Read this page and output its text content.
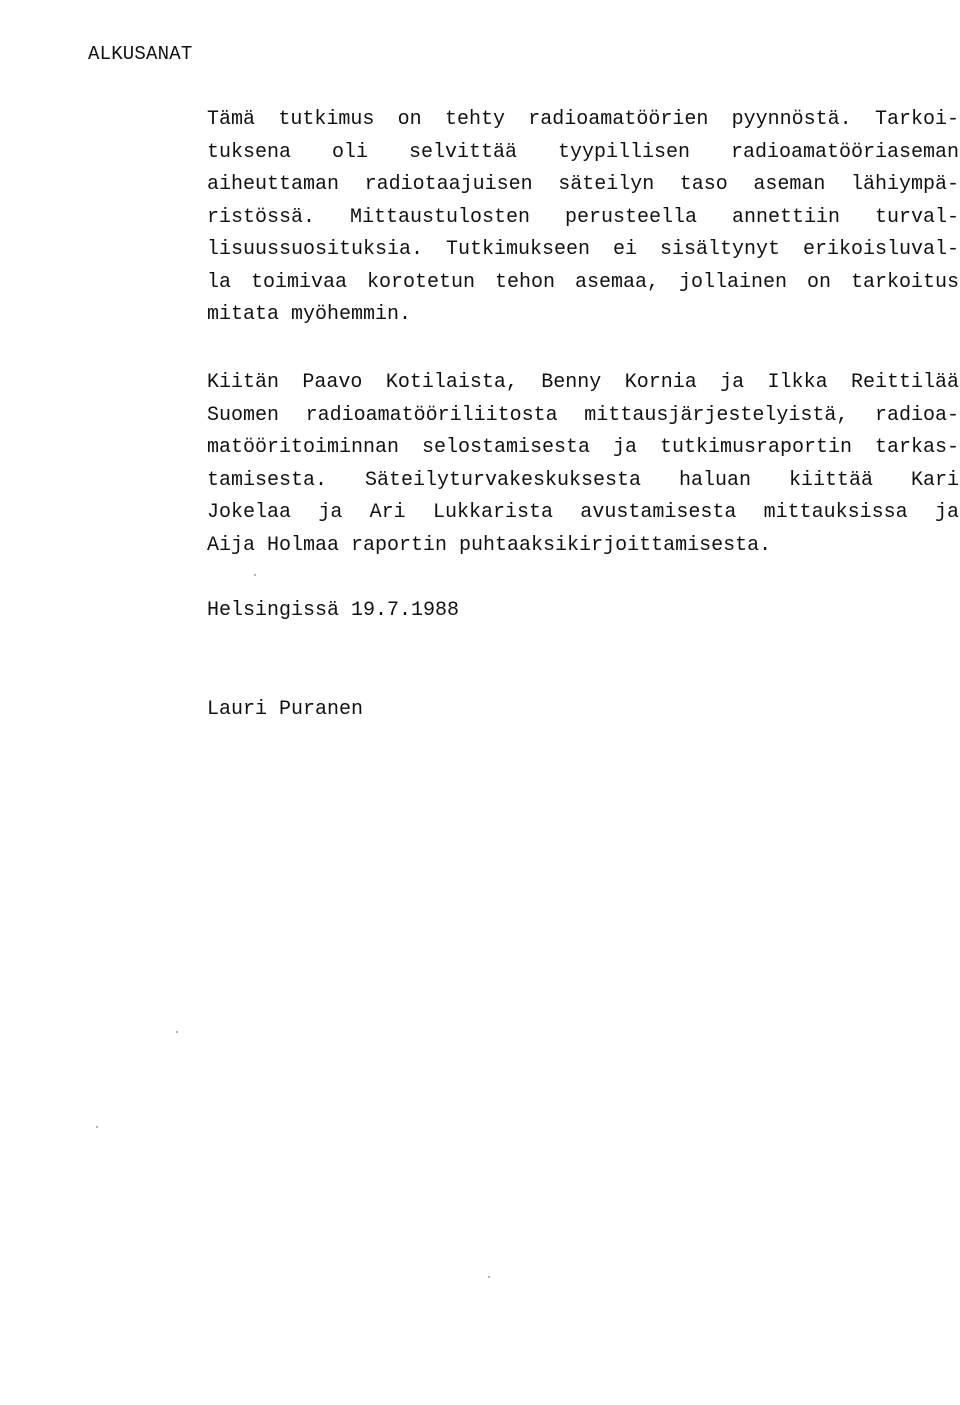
ALKUSANAT
Tämä tutkimus on tehty radioamatöörien pyynnöstä. Tarkoi-
tuksena oli selvittää tyypillisen radioamatööriaseman
aiheuttaman radiotaajuisen säteilyn taso aseman lähiympä-
ristössä. Mittaustulosten perusteella annettiin turval-
lisuussuosituksia. Tutkimukseen ei sisältynyt erikoisluval-
la toimivaa korotetun tehon asemaa, jollainen on tarkoitus
mitata myöhemmin.
Kiitän Paavo Kotilaista, Benny Kornia ja Ilkka Reittilää
Suomen radioamatööriliitosta mittausjärjestelyistä, radioa-
matööritoiminnan selostamisesta ja tutkimusraportin tarkas-
tamisesta. Säteilyturvakeskuksesta haluan kiittää Kari
Jokelaa ja Ari Lukkarista avustamisesta mittauksissa ja
Aija Holmaa raportin puhtaaksikirjoittamisesta.

Helsingissä 19.7.1988

Lauri Puranen
